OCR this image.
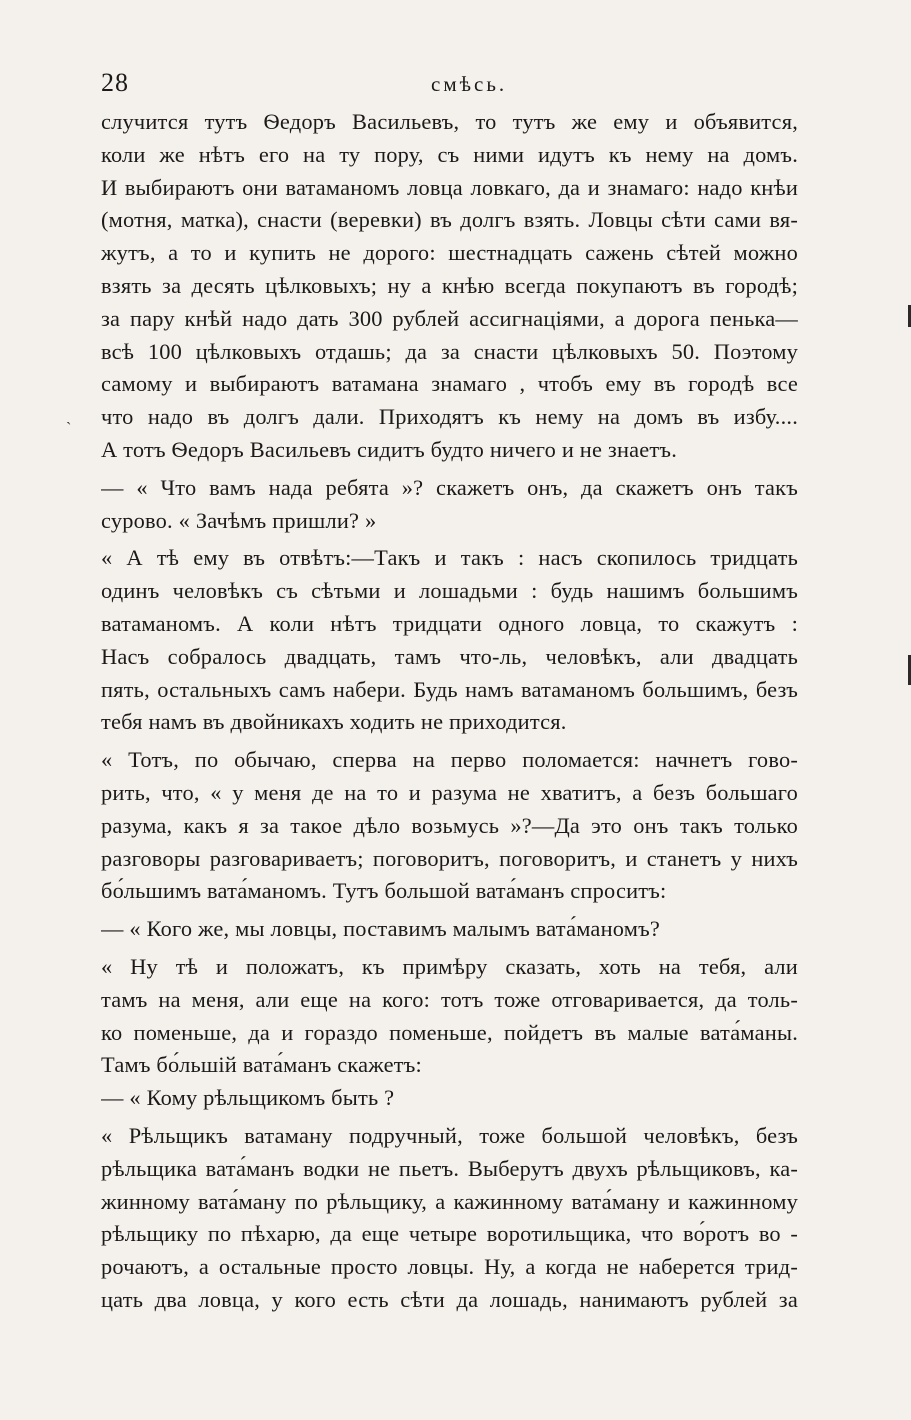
28	смѣсь.
ˋ
случится тутъ Ѳедоръ Васильевъ, то тутъ же ему и объявится,
коли же нѣтъ его на ту пору, съ ними идутъ къ нему на домъ.
И выбираютъ они ватаманомъ ловца ловкаго, да и знамаго: надо кнѣи
(мотня, матка), снасти (веревки) въ долгъ взять. Ловцы сѣти сами вя-
жутъ, а то и купить не дорого: шестнадцать сажень сѣтей можно
взять за десять цѣлковыхъ; ну а кнѣю всегда покупаютъ въ городѣ;
за пару кнѣй надо дать 300 рублей ассигнаціями, а дорога пенька—
всѣ 100 цѣлковыхъ отдашь; да за снасти цѣлковыхъ 50. Поэтому
самому и выбираютъ ватамана знамаго , чтобъ ему въ городѣ все
что надо въ долгъ дали. Приходятъ къ нему на домъ въ избу....
А тотъ Ѳедоръ Васильевъ сидитъ будто ничего и не знаетъ.
— « Что вамъ нада ребята »? скажетъ онъ, да скажетъ онъ такъ
сурово. « Зачѣмъ пришли? »
« А тѣ ему въ отвѣтъ:—Такъ и такъ : насъ скопилось тридцать
одинъ человѣкъ съ сѣтьми и лошадьми : будь нашимъ большимъ
ватаманомъ. А коли нѣтъ тридцати одного ловца, то скажутъ :
Насъ собралось двадцать, тамъ что-ль, человѣкъ, али двадцать
пять, остальныхъ самъ набери. Будь намъ ватаманомъ большимъ, безъ
тебя намъ въ двойникахъ ходить не приходится.
« Тотъ, по обычаю, сперва на перво поломается: начнетъ гово-
рить, что, « у меня де на то и разума не хватитъ, а безъ большаго
разума, какъ я за такое дѣло возьмусь »?—Да это онъ такъ только
разговоры разговариваетъ; поговоритъ, поговоритъ, и станетъ у нихъ
бо́льшимъ вата́маномъ. Тутъ большой вата́манъ спроситъ:
— « Кого же, мы ловцы, поставимъ малымъ вата́маномъ?
« Ну тѣ и положатъ, къ примѣру сказать, хоть на тебя, али
тамъ на меня, али еще на кого: тотъ тоже отговаривается, да толь-
ко поменьше, да и гораздо поменьше, пойдетъ въ малые вата́маны.
Тамъ бо́льшій вата́манъ скажетъ:
— « Кому рѣльщикомъ быть ?
« Рѣльщикъ ватаману подручный, тоже большой человѣкъ, безъ
рѣльщика вата́манъ водки не пьетъ. Выберутъ двухъ рѣльщиковъ, ка-
жинному вата́ману по рѣльщику, а кажинному вата́ману и кажинному
рѣльщику по пѣхарю, да еще четыре воротильщика, что во́ротъ во -
рочаютъ, а остальные просто ловцы. Ну, а когда не наберется трид-
цать два ловца, у кого есть сѣти да лошадь, нанимаютъ рублей за
